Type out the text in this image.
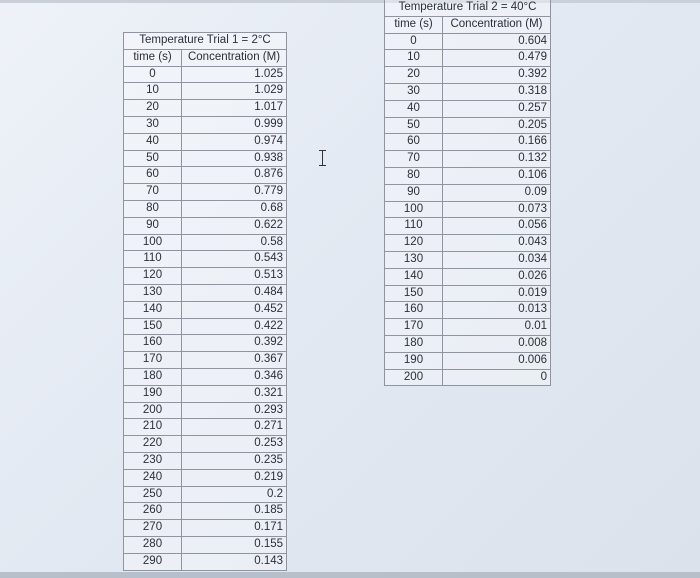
Temperature Trial 1 = 2°C	
time (s)	Concentration (M)
0	1.025
10	1.029
20	1.017
30	0.999
40	0.974
50	0.938
60	0.876
70	0.779
80	0.68
90	0.622
100	0.58
110	0.543
120	0.513
130	0.484
140	0.452
150	0.422
160	0.392
170	0.367
180	0.346
190	0.321
200	0.293
210	0.271
220	0.253
230	0.235
240	0.219
250	0.2
260	0.185
270	0.171
280	0.155
290	0.143
Temperature Trial 2 = 40°C	
time (s)	Concentration (M)
0	0.604
10	0.479
20	0.392
30	0.318
40	0.257
50	0.205
60	0.166
70	0.132
80	0.106
90	0.09
100	0.073
110	0.056
120	0.043
130	0.034
140	0.026
150	0.019
160	0.013
170	0.01
180	0.008
190	0.006
200	0
